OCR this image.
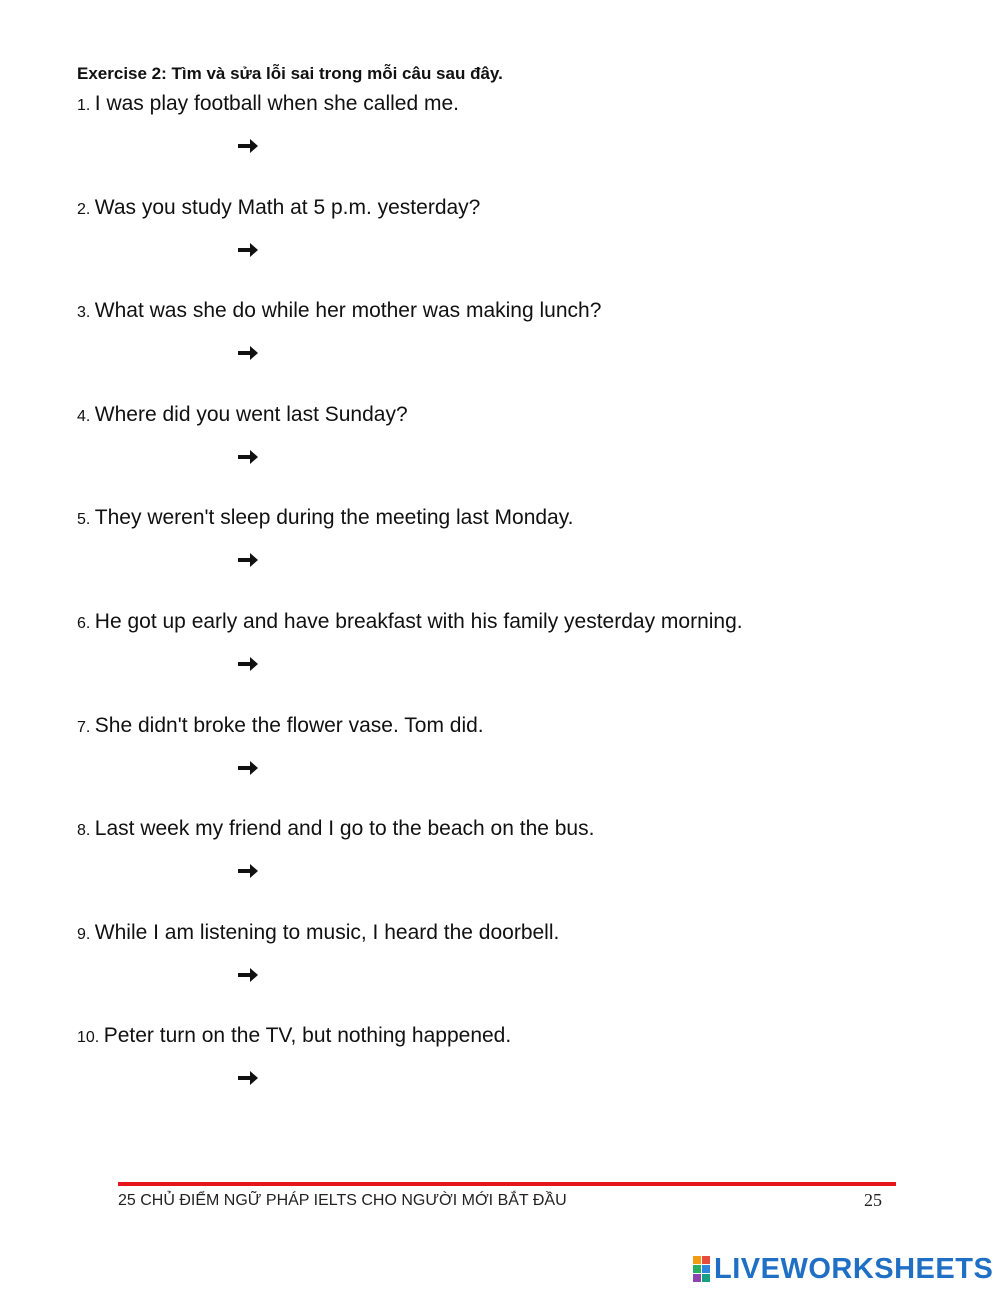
Exercise 2: Tìm và sửa lỗi sai trong mỗi câu sau đây.
1. I was play football when she called me.
2. Was you study Math at 5 p.m. yesterday?
3. What was she do while her mother was making lunch?
4. Where did you went last Sunday?
5. They weren't sleep during the meeting last Monday.
6. He got up early and have breakfast with his family yesterday morning.
7. She didn't broke the flower vase. Tom did.
8. Last week my friend and I go to the beach on the bus.
9. While I am listening to music, I heard the doorbell.
10. Peter turn on the TV, but nothing happened.
25 CHỦ ĐIỂM NGỮ PHÁP IELTS CHO NGƯỜI MỚI BẮT ĐẦU	25
LIVEWORKSHEETS
